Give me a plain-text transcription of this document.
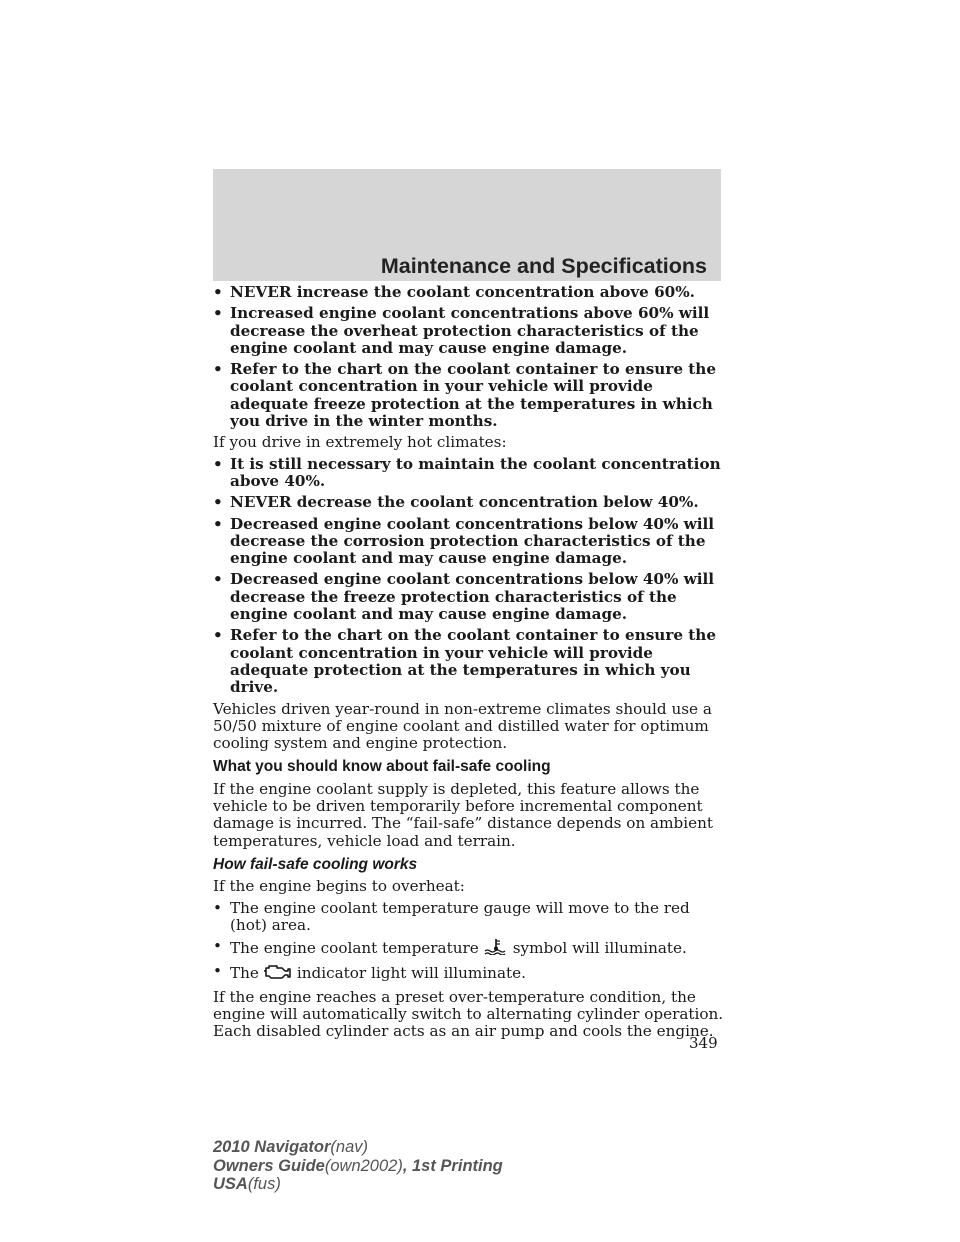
Maintenance and Specifications
• NEVER increase the coolant concentration above 60%.
• Increased engine coolant concentrations above 60% will decrease the overheat protection characteristics of the engine coolant and may cause engine damage.
• Refer to the chart on the coolant container to ensure the coolant concentration in your vehicle will provide adequate freeze protection at the temperatures in which you drive in the winter months.
If you drive in extremely hot climates:
• It is still necessary to maintain the coolant concentration above 40%.
• NEVER decrease the coolant concentration below 40%.
• Decreased engine coolant concentrations below 40% will decrease the corrosion protection characteristics of the engine coolant and may cause engine damage.
• Decreased engine coolant concentrations below 40% will decrease the freeze protection characteristics of the engine coolant and may cause engine damage.
• Refer to the chart on the coolant container to ensure the coolant concentration in your vehicle will provide adequate protection at the temperatures in which you drive.
Vehicles driven year-round in non-extreme climates should use a 50/50 mixture of engine coolant and distilled water for optimum cooling system and engine protection.
What you should know about fail-safe cooling
If the engine coolant supply is depleted, this feature allows the vehicle to be driven temporarily before incremental component damage is incurred. The “fail-safe” distance depends on ambient temperatures, vehicle load and terrain.
How fail-safe cooling works
If the engine begins to overheat:
• The engine coolant temperature gauge will move to the red (hot) area.
• The engine coolant temperature symbol will illuminate.
• The	indicator light will illuminate.
If the engine reaches a preset over-temperature condition, the engine will automatically switch to alternating cylinder operation. Each disabled cylinder acts as an air pump and cools the engine.
349
2010 Navigator(nav)
Owners Guide(own2002), 1st Printing
USA(fus)
